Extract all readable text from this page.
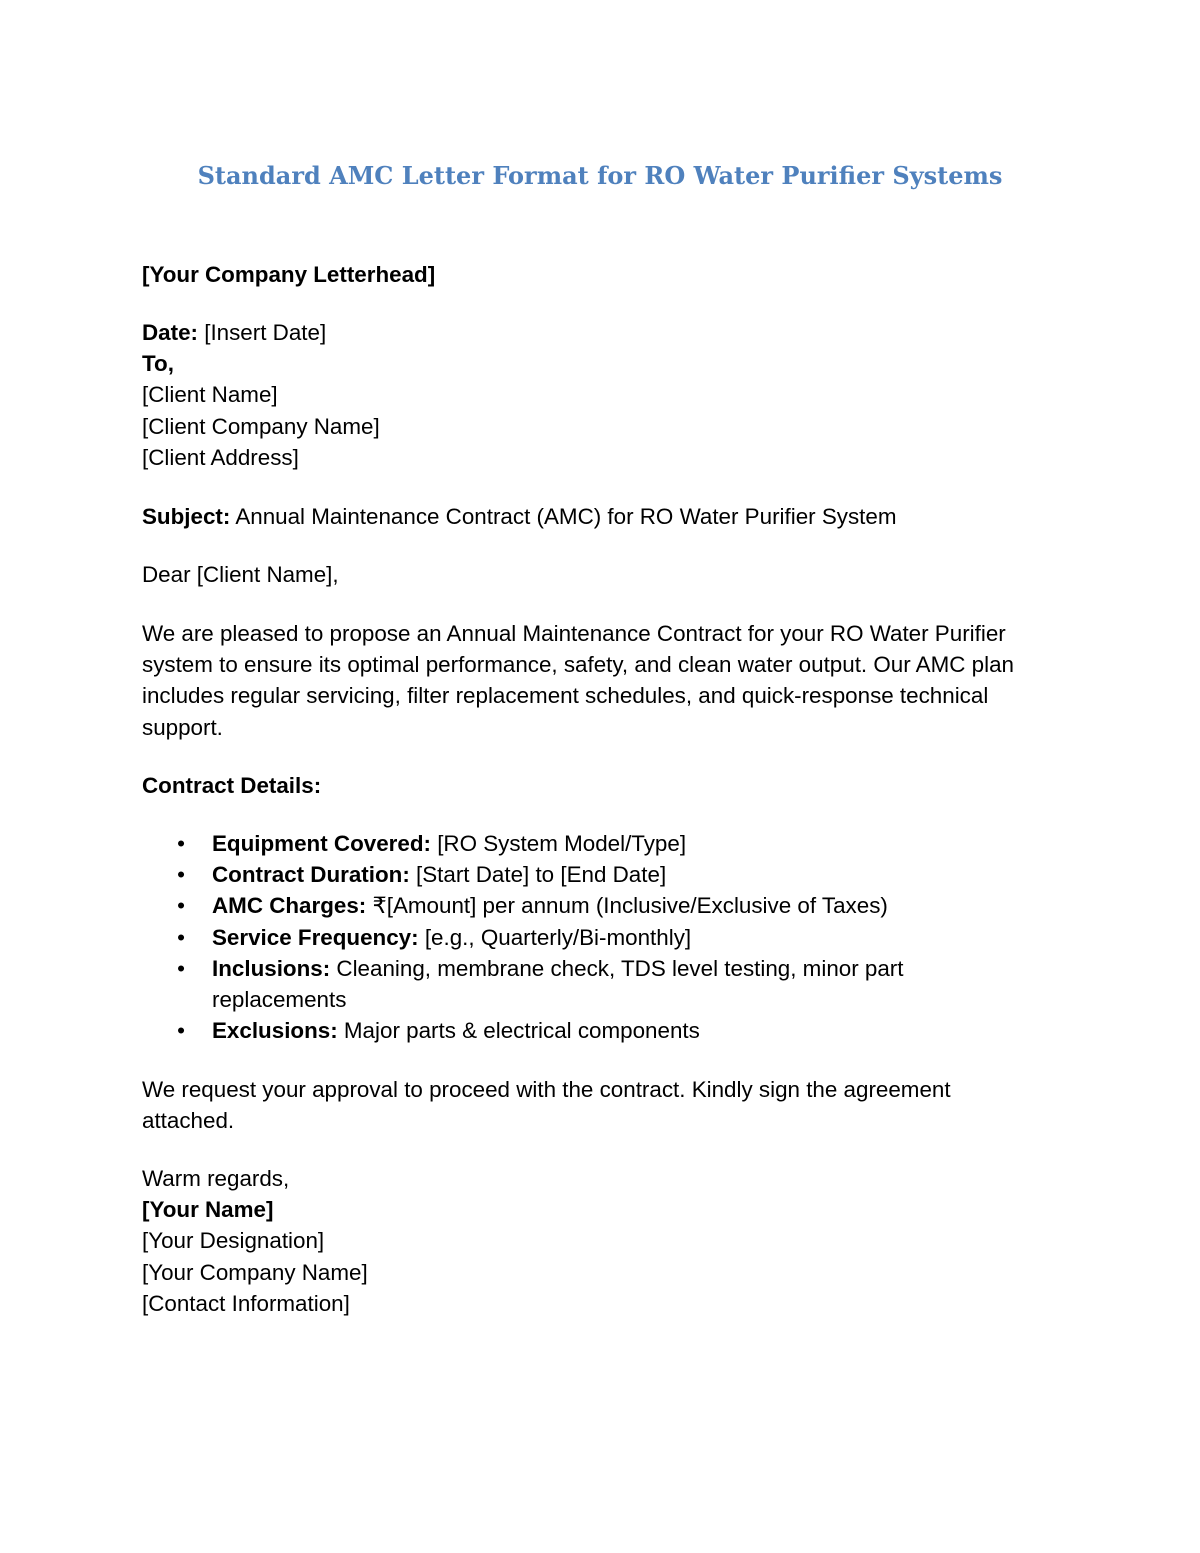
Standard AMC Letter Format for RO Water Purifier Systems
[Your Company Letterhead]
Date: [Insert Date]
To,
[Client Name]
[Client Company Name]
[Client Address]
Subject: Annual Maintenance Contract (AMC) for RO Water Purifier System
Dear [Client Name],
We are pleased to propose an Annual Maintenance Contract for your RO Water Purifier system to ensure its optimal performance, safety, and clean water output. Our AMC plan includes regular servicing, filter replacement schedules, and quick-response technical support.
Contract Details:
• Equipment Covered: [RO System Model/Type]
• Contract Duration: [Start Date] to [End Date]
• AMC Charges: ₹[Amount] per annum (Inclusive/Exclusive of Taxes)
• Service Frequency: [e.g., Quarterly/Bi-monthly]
• Inclusions: Cleaning, membrane check, TDS level testing, minor part replacements
• Exclusions: Major parts & electrical components
We request your approval to proceed with the contract. Kindly sign the agreement attached.
Warm regards,
[Your Name]
[Your Designation]
[Your Company Name]
[Contact Information]
